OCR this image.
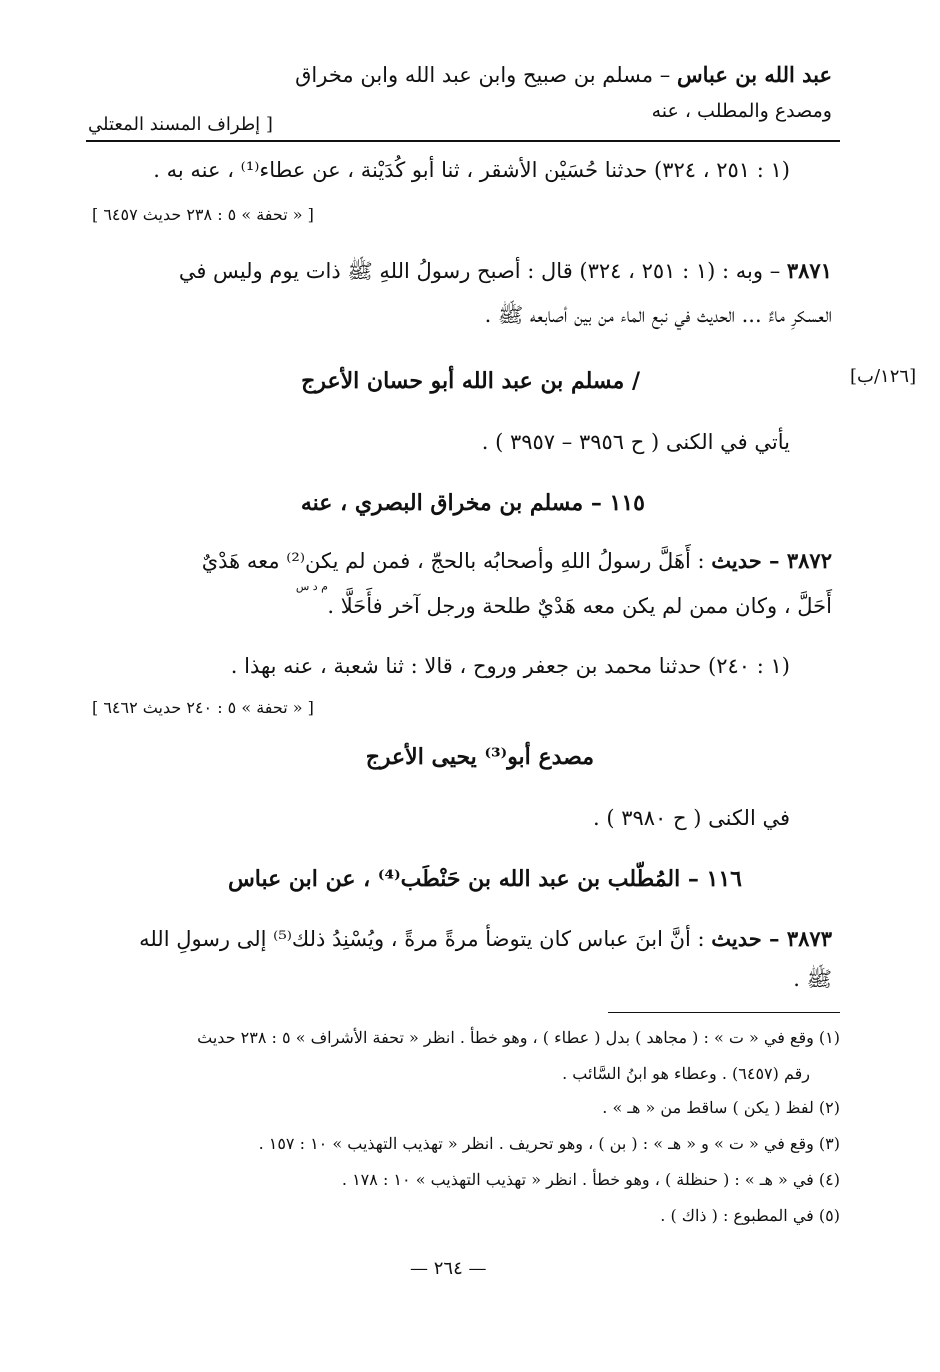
عبد الله بن عباس – مسلم بن صبيح وابن عبد الله وابن مخراق
ومصدع والمطلب ، عنه
[ إطراف المسند المعتلي
(١ : ٢٥١ ، ٣٢٤) حدثنا حُسَيْن الأشقر ، ثنا أبو كُدَيْنة ، عن عطاء⁽¹⁾ ، عنه به .
[ « تحفة » ٥ : ٢٣٨ حديث ٦٤٥٧ ]
٣٨٧١ – وبه : (١ : ٢٥١ ، ٣٢٤) قال : أصبح رسولُ اللهِ ﷺ ذات يوم وليس في
العسكرِ ماءٌ ... الحديث في نبع الماء من بين أصابعه ﷺ .
[١٢٦/ب]
/ مسلم بن عبد الله أبو حسان الأعرج
يأتي في الكنى ( ح ٣٩٥٦ – ٣٩٥٧ ) .
١١٥ – مسلم بن مخراق البصري ، عنه
٣٨٧٢ – حديث : أَهَلَّ رسولُ اللهِ وأصحابُه بالحجّ ، فمن لم يكن⁽²⁾ معه هَدْيٌ
م د س
أَحَلَّ ، وكان ممن لم يكن معه هَدْيٌ طلحة ورجل آخر فأَحَلَّا .
(١ : ٢٤٠) حدثنا محمد بن جعفر وروح ، قالا : ثنا شعبة ، عنه بهذا .
[ « تحفة » ٥ : ٢٤٠ حديث ٦٤٦٢ ]
مصدع أبو⁽³⁾ يحيى الأعرج
في الكنى ( ح ٣٩٨٠ ) .
١١٦ – المُطّلب بن عبد الله بن حَنْطَب⁽⁴⁾ ، عن ابن عباس
٣٨٧٣ – حديث : أنَّ ابنَ عباس كان يتوضأ مرةً مرةً ، ويُسْنِدُ ذلك⁽⁵⁾ إلى رسولِ الله
ﷺ .
(١) وقع في « ت » : ( مجاهد ) بدل ( عطاء ) ، وهو خطأ . انظر « تحفة الأشراف » ٥ : ٢٣٨ حديث
رقم (٦٤٥٧) . وعطاء هو ابنُ السَّائب .
(٢) لفظ ( يكن ) ساقط من « هـ » .
(٣) وقع في « ت » و « هـ » : ( بن ) ، وهو تحريف . انظر « تهذيب التهذيب » ١٠ : ١٥٧ .
(٤) في « هـ » : ( حنظلة ) ، وهو خطأ . انظر « تهذيب التهذيب » ١٠ : ١٧٨ .
(٥) في المطبوع : ( ذاك ) .
— ٢٦٤ —
